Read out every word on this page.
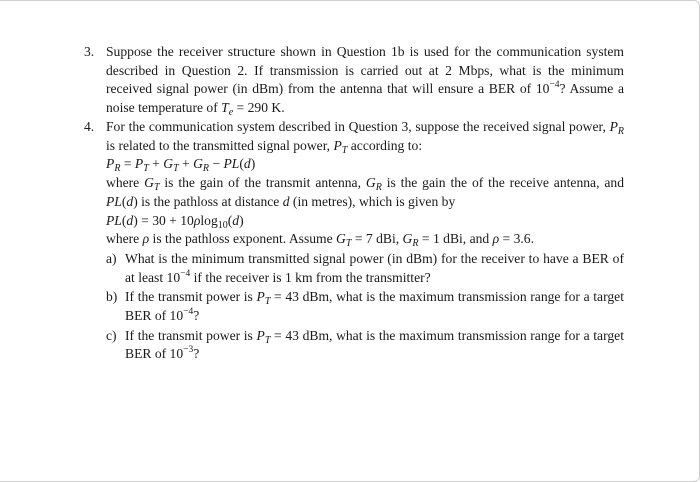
3. Suppose the receiver structure shown in Question 1b is used for the communication system described in Question 2. If transmission is carried out at 2 Mbps, what is the minimum received signal power (in dBm) from the antenna that will ensure a BER of $10^{-4}$? Assume a noise temperature of $T_e = 290$ K.

4. For the communication system described in Question 3, suppose the received signal power, $P_R$ is related to the transmitted signal power, $P_T$ according to:

$P_R = P_T + G_T + G_R - PL(d)$

where $G_T$ is the gain of the transmit antenna, $G_R$ is the gain the of the receive antenna, and PL(d) is the pathloss at distance d (in metres), which is given by

PL(d) = 30 + 10ρlog$_{10}$(d)

where ρ is the pathloss exponent. Assume $G_T = 7$ dBi, $G_R = 1$ dBi, and ρ = 3.6.

a) What is the minimum transmitted signal power (in dBm) for the receiver to have a BER of at least $10^{-4}$ if the receiver is 1 km from the transmitter?

b) If the transmit power is $P_T = 43$ dBm, what is the maximum transmission range for a target BER of $10^{-4}$?

c) If the transmit power is $P_T = 43$ dBm, what is the maximum transmission range for a target BER of $10^{-3}$?
